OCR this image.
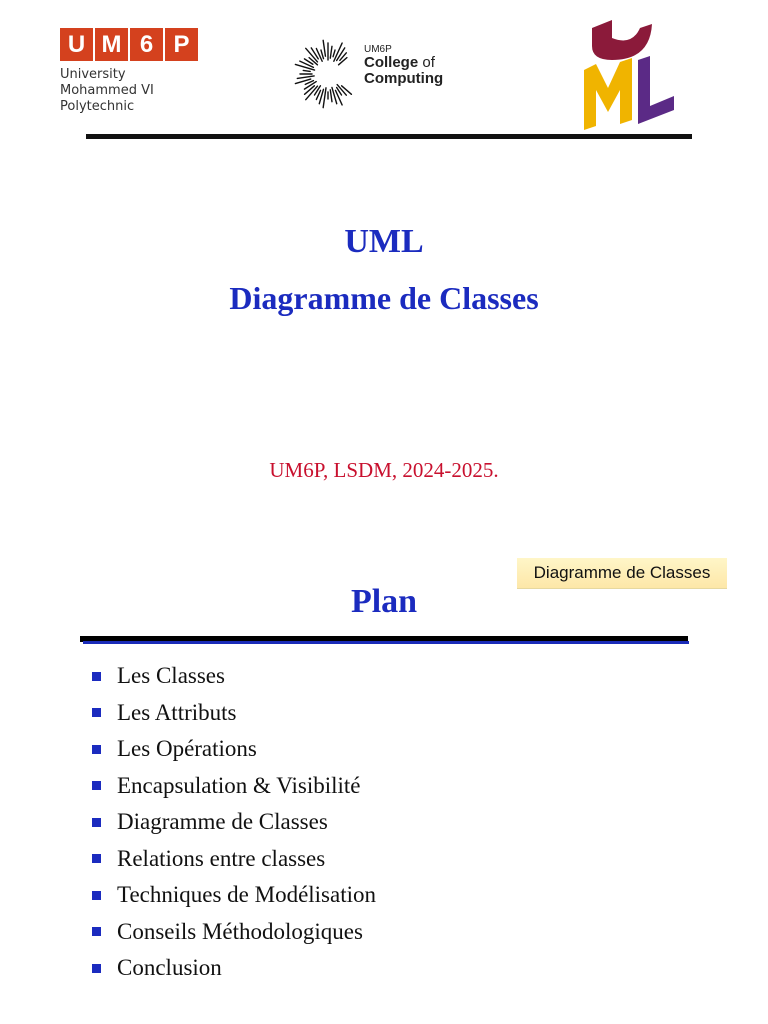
U M 6 P
University
Mohammed VI
Polytechnic
UM6P
College of
Computing
UML
Diagramme de Classes
UM6P, LSDM, 2024-2025.
Diagramme de Classes
Plan
Les Classes
Les Attributs
Les Opérations
Encapsulation & Visibilité
Diagramme de Classes
Relations entre classes
Techniques de Modélisation
Conseils Méthodologiques
Conclusion
